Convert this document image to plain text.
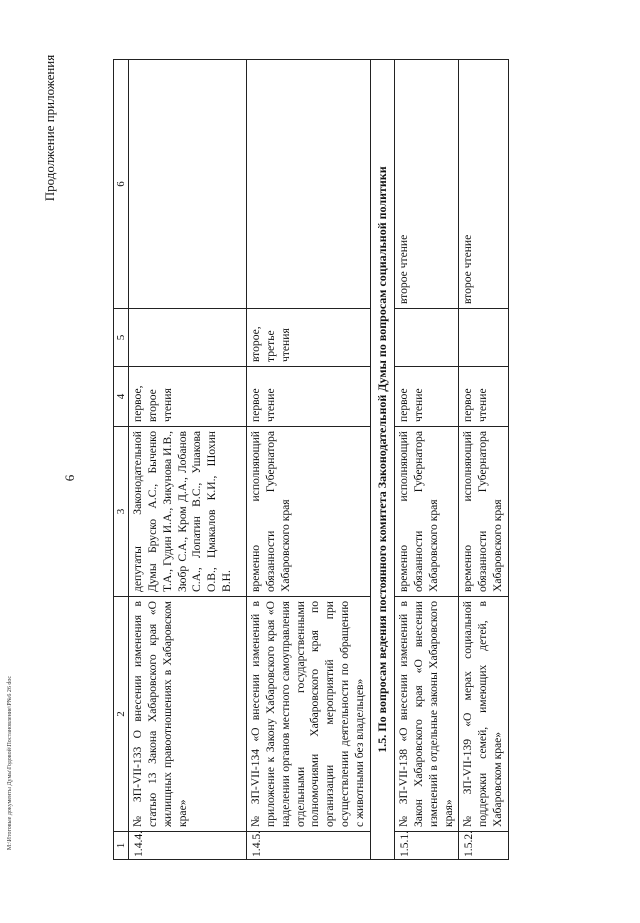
6
Продолжение приложения
M:\Итоговые документы Думы\Годовой\Постановление\Р№6 26 doc	1	2	3	4	5	6
1.4.4.	№ ЗП-VII-133 О внесении изменения в статью 13 Закона Хабаровского края «О жилищных правоотношениях в Хабаровском крае»	депутаты Законодательной Думы Бруско А.С., Быченко Т.А., Гудин И.А., Зикунова И.В., Зюбр С.А., Кром Д.А., Лобанов С.А., Лопатин В.С., Ушакова О.В., Цмакалов К.И., Шохин В.Н.	первое, второе чтения		
1.4.5.	№ ЗП-VII-134 «О внесении изменений в приложение к Закону Хабаровского края «О наделении органов местного самоуправления отдельными государственными полномочиями Хабаровского края по организации мероприятий при осуществлении деятельности по обращению с животными без владельцев»	временно исполняющий обязанности Губернатора Хабаровского края	первое чтение	второе, третье чтения	
1.5. По вопросам ведения постоянного комитета Законодательной Думы по вопросам социальной политики					
1.5.1.	№ ЗП-VII-138 «О внесении изменений в Закон Хабаровского края «О внесении изменений в отдельные законы Хабаровского края»	временно исполняющий обязанности Губернатора Хабаровского края	первое чтение		второе чтение
1.5.2.	№ ЗП-VII-139 «О мерах социальной поддержки семей, имеющих детей, в Хабаровском крае»	временно исполняющий обязанности Губернатора Хабаровского края	первое чтение		второе чтение
